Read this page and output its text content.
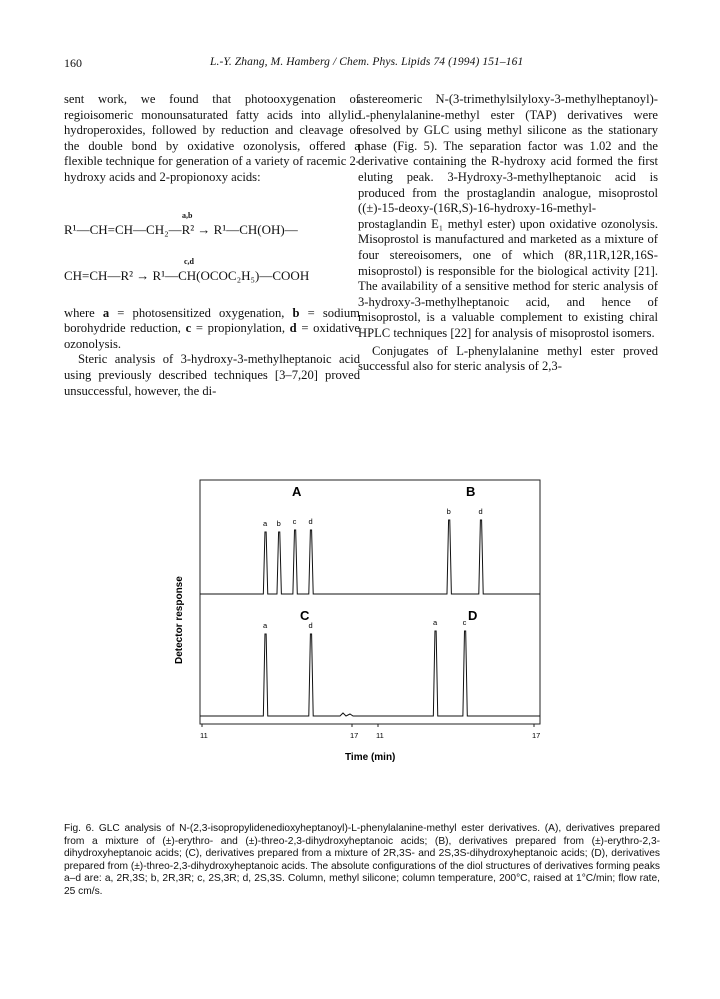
160	L.-Y. Zhang, M. Hamberg / Chem. Phys. Lipids 74 (1994) 151–161

sent work, we found that photooxygenation of regioisomeric monounsaturated fatty acids into allylic hydroperoxides, followed by reduction and cleavage of the double bond by oxidative ozonolysis, offered a flexible technique for generation of a variety of racemic 2-hydroxy acids and 2-propionoxy acids:

a,b
R¹—CH=CH—CH₂—R² → R¹—CH(OH)—
c,d
CH=CH—R² → R¹—CH(OCOC₂H₅)—COOH

where a = photosensitized oxygenation, b = sodium borohydride reduction, c = propionylation, d = oxidative ozonolysis.

Steric analysis of 3-hydroxy-3-methylheptanoic acid using previously described techniques [3–7,20] proved unsuccessful, however, the di-

astereomeric N-(3-trimethylsilyloxy-3-methylheptanoyl)-L-phenylalanine-methyl ester (TAP) derivatives were resolved by GLC using methyl silicone as the stationary phase (Fig. 5). The separation factor was 1.02 and the derivative containing the R-hydroxy acid formed the first eluting peak. 3-Hydroxy-3-methylheptanoic acid is produced from the prostaglandin analogue, misoprostol ((±)-15-deoxy-(16R,S)-16-hydroxy-16-methyl-prostaglandin E₁ methyl ester) upon oxidative ozonolysis. Misoprostol is manufactured and marketed as a mixture of four stereoisomers, one of which (8R,11R,12R,16S-misoprostol) is responsible for the biological activity [21]. The availability of a sensitive method for steric analysis of 3-hydroxy-3-methylheptanoic acid, and hence of misoprostol, is a valuable complement to existing chiral HPLC techniques [22] for analysis of misoprostol isomers.

Conjugates of L-phenylalanine methyl ester proved successful also for steric analysis of 2,3-

A
a b c d
B
b	d
C
a	d
D
a	c
Detector response
11	17 11	17
Time (min)
Fig. 6. GLC analysis of N-(2,3-isopropylidenedioxyheptanoyl)-L-phenylalanine-methyl ester derivatives. (A), derivatives prepared from a mixture of (±)-erythro- and (±)-threo-2,3-dihydroxyheptanoic acids; (B), derivatives prepared from (±)-erythro-2,3-dihydroxyheptanoic acids; (C), derivatives prepared from a mixture of 2R,3S- and 2S,3S-dihydroxyheptanoic acids; (D), derivatives prepared from (±)-threo-2,3-dihydroxyheptanoic acids. The absolute configurations of the diol structures of derivatives forming peaks a–d are: a, 2R,3S; b, 2R,3R; c, 2S,3R; d, 2S,3S. Column, methyl silicone; column temperature, 200°C, raised at 1°C/min; flow rate, 25 cm/s.
